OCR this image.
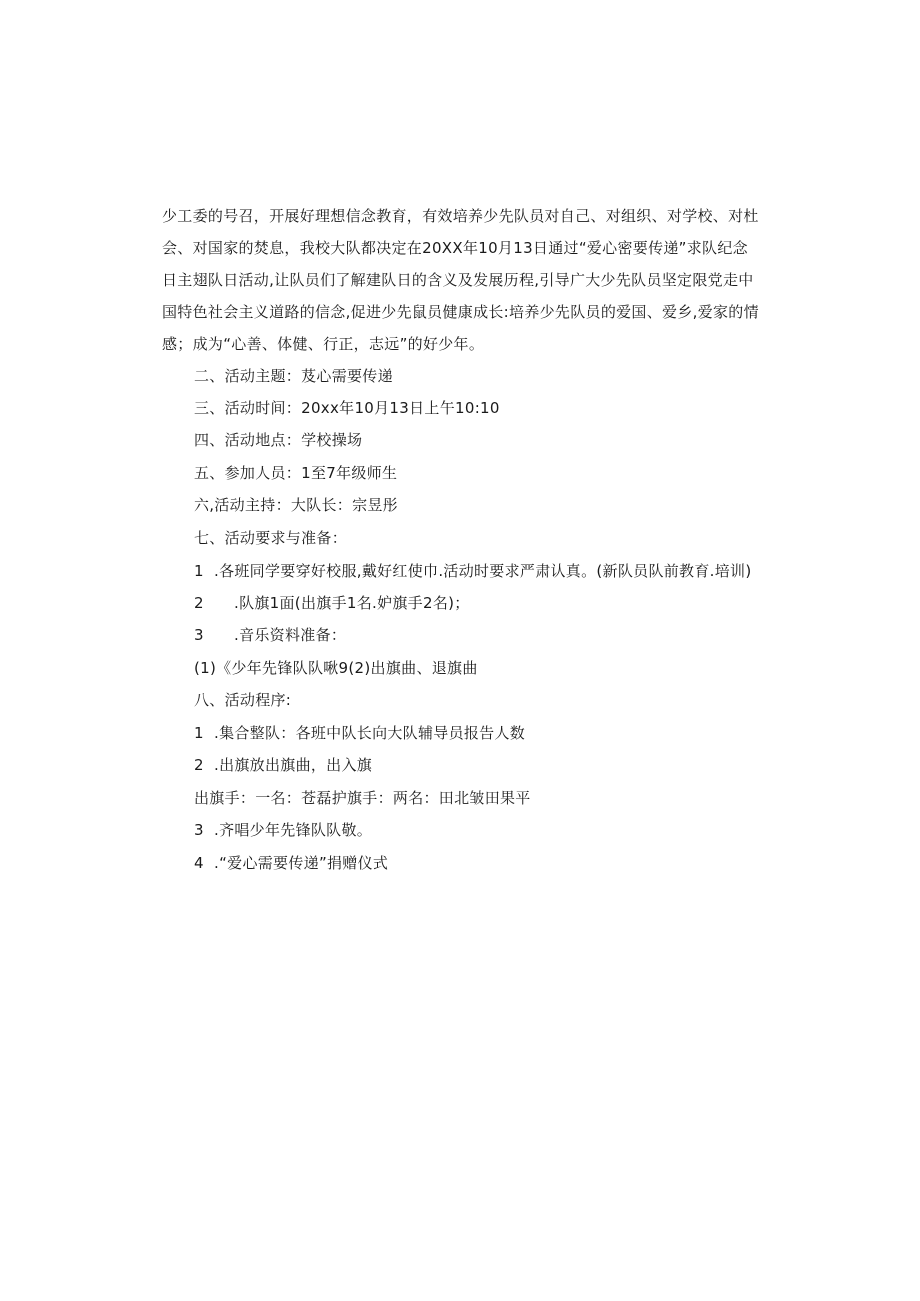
少工委的号召，开展好理想信念教育，有效培养少先队员对自己、对组织、对学校、对杜
会、对国家的焚息，我校大队都决定在20XX年10月13日通过“爱心密要传递”求队纪念
日主翅队日活动,让队员们了解建队日的含义及发展历程,引导广大少先队员坚定限党走中
国特色社会主义道路的信念,促进少先鼠员健康成长:培养少先队员的爱国、爱乡,爱家的情
感；成为“心善、体健、行正，志远”的好少年。

二、活动主题：芨心需要传递

三、活动时间：20xx年10月13日上午10:10

四、活动地点：学校操场

五、参加人员：1至7年级师生

六,活动主持：大队长：宗昱彤

七、活动要求与准备：

1 .各班同学要穿好校服,戴好红使巾.活动时要求严肃认真。(新队员队前教育.培训)

2 .队旗1面(出旗手1名.妒旗手2名)；

3 .音乐资料准备：

(1)《少年先锋队队啾9(2)出旗曲、退旗曲

八、活动程序:

1 .集合整队：各班中队长向大队辅导员报告人数

2 .出旗放出旗曲，出入旗

出旗手：一名：苍磊护旗手：两名：田北皱田果平

3 .齐唱少年先锋队队敬。

4 .“爱心需要传递”捐赠仪式
